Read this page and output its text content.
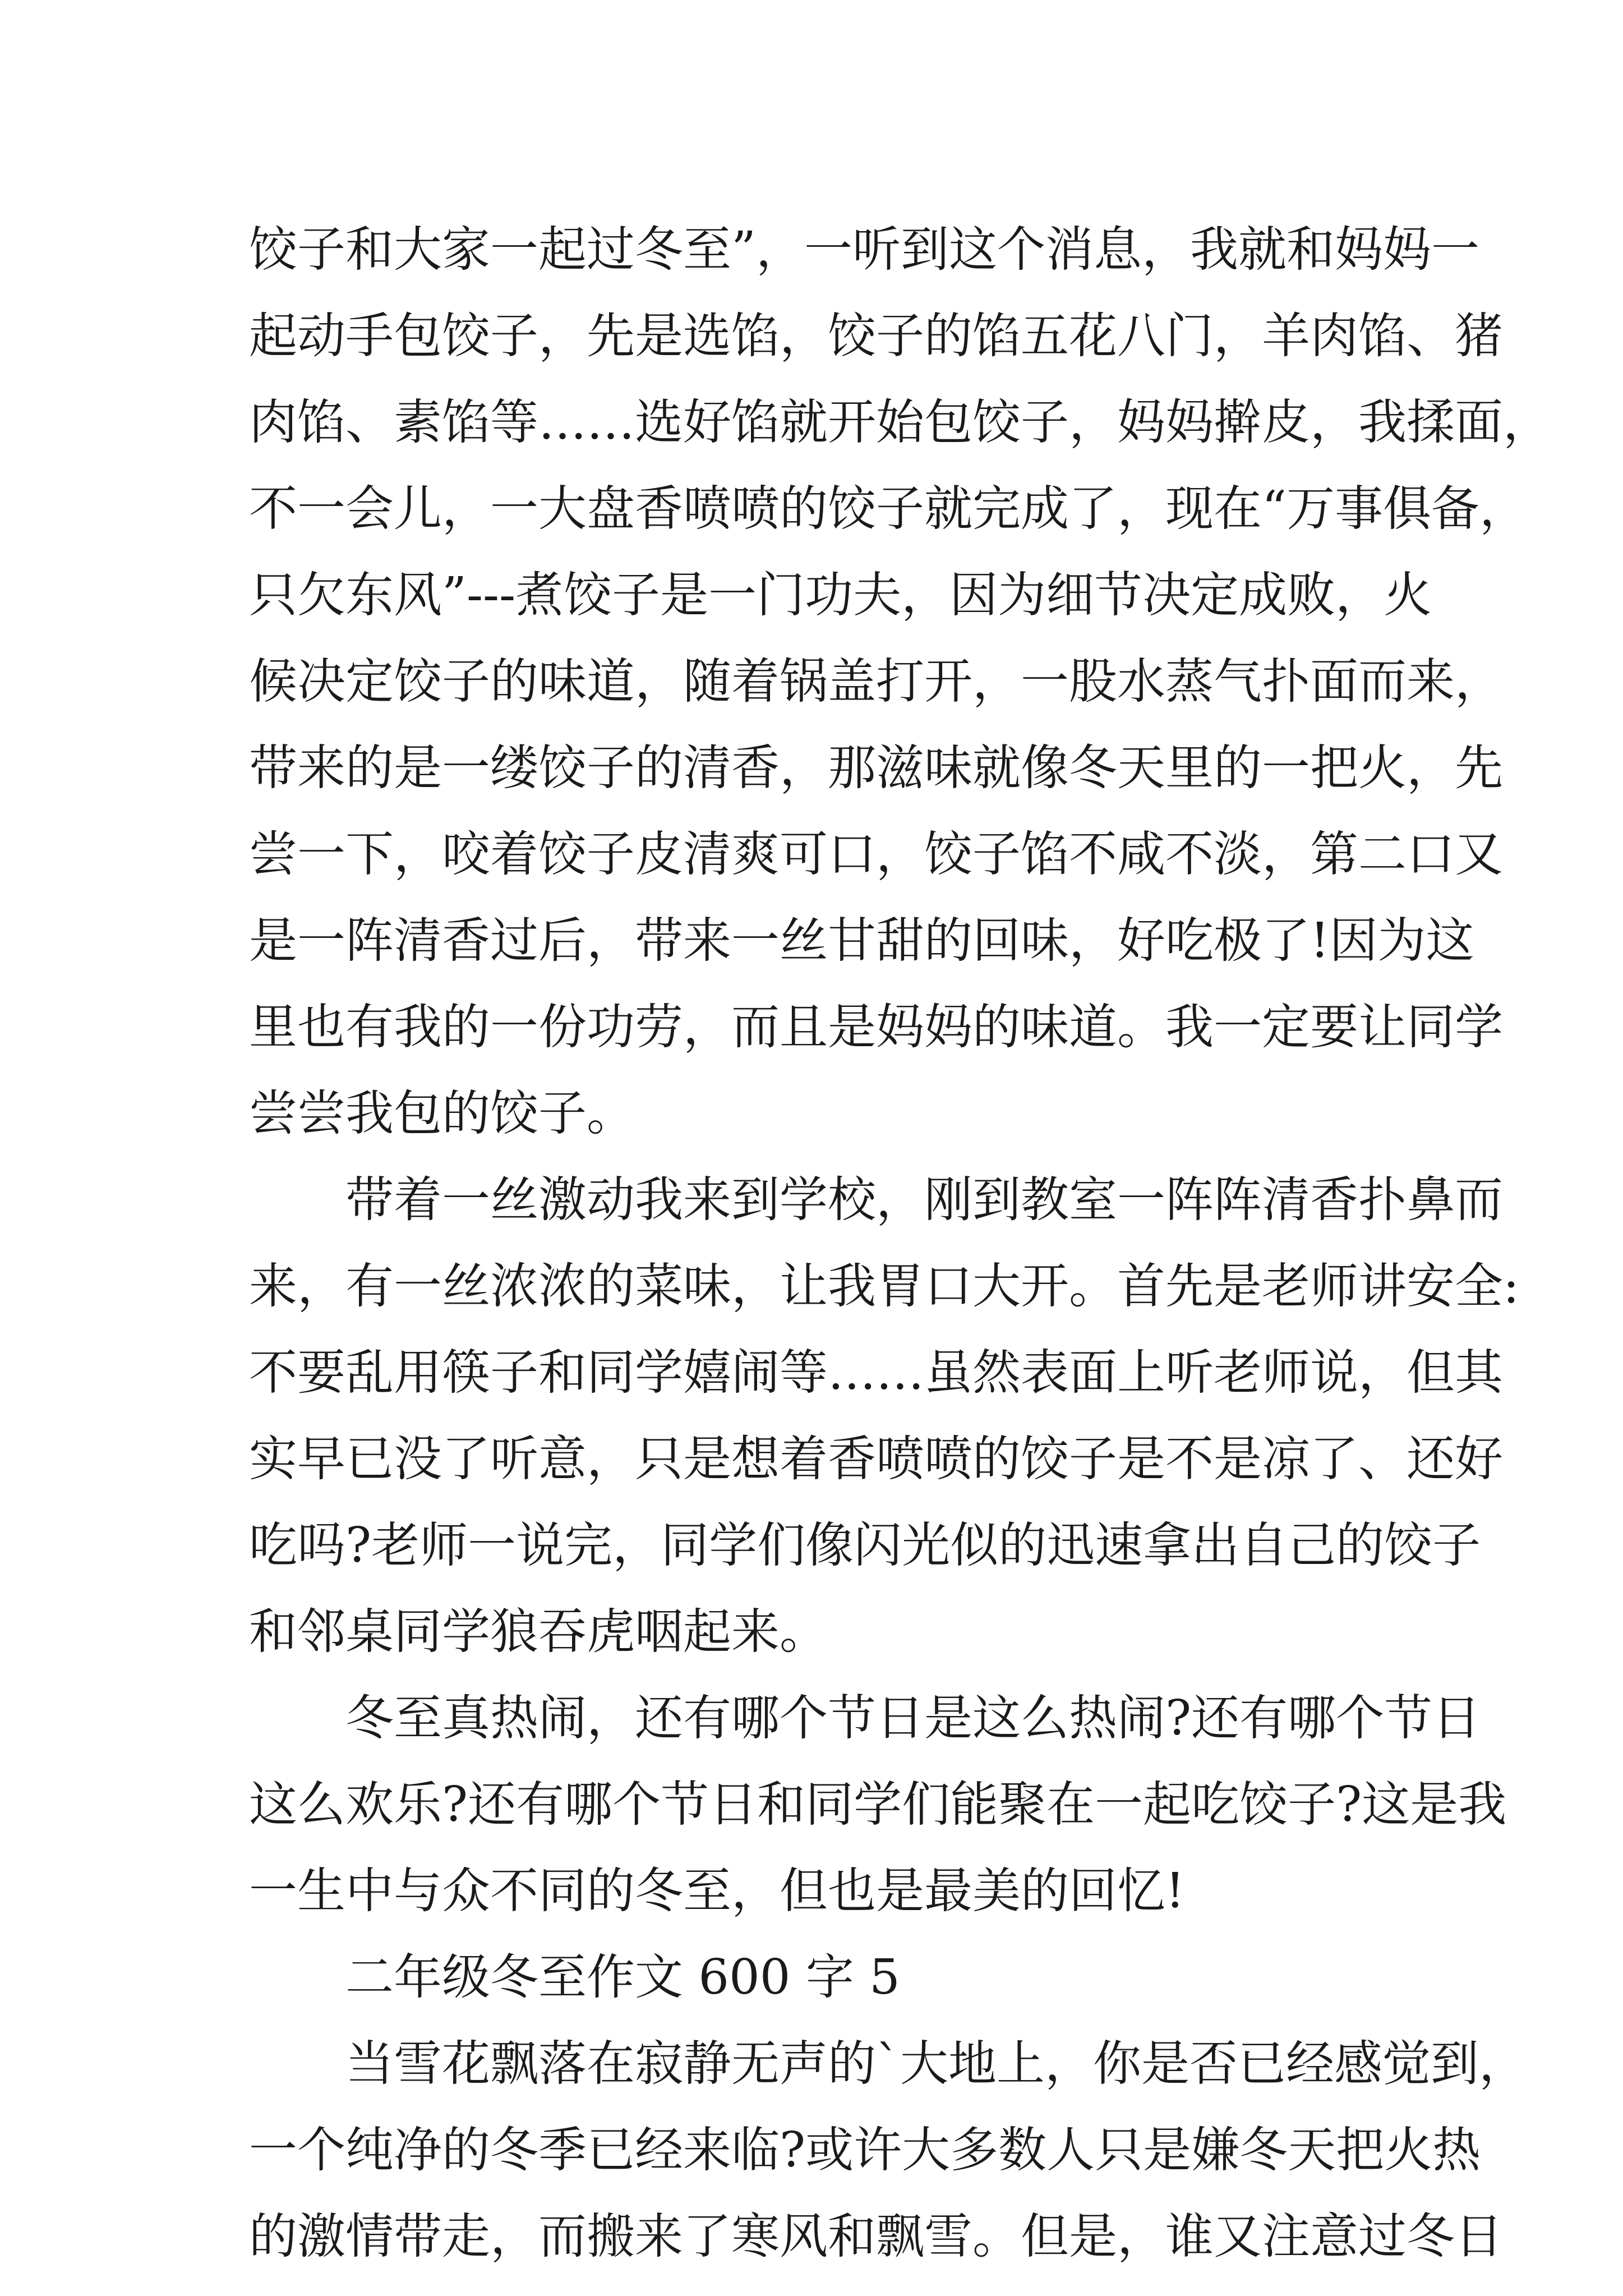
饺子和大家一起过冬至”，一听到这个消息，我就和妈妈一
起动手包饺子，先是选馅，饺子的馅五花八门，羊肉馅、猪
肉馅、素馅等……选好馅就开始包饺子，妈妈擀皮，我揉面，
不一会儿，一大盘香喷喷的饺子就完成了，现在“万事俱备，
只欠东风”---煮饺子是一门功夫，因为细节决定成败，火
候决定饺子的味道，随着锅盖打开，一股水蒸气扑面而来，
带来的是一缕饺子的清香，那滋味就像冬天里的一把火，先
尝一下，咬着饺子皮清爽可口，饺子馅不咸不淡，第二口又
是一阵清香过后，带来一丝甘甜的回味，好吃极了!因为这
里也有我的一份功劳，而且是妈妈的味道。我一定要让同学
尝尝我包的饺子。
带着一丝激动我来到学校，刚到教室一阵阵清香扑鼻而
来，有一丝浓浓的菜味，让我胃口大开。首先是老师讲安全:
不要乱用筷子和同学嬉闹等……虽然表面上听老师说，但其
实早已没了听意，只是想着香喷喷的饺子是不是凉了、还好
吃吗?老师一说完，同学们像闪光似的迅速拿出自己的饺子
和邻桌同学狼吞虎咽起来。
冬至真热闹，还有哪个节日是这么热闹?还有哪个节日
这么欢乐?还有哪个节日和同学们能聚在一起吃饺子?这是我
一生中与众不同的冬至，但也是最美的回忆!
二年级冬至作文 600 字 5
当雪花飘落在寂静无声的`大地上，你是否已经感觉到，
一个纯净的冬季已经来临?或许大多数人只是嫌冬天把火热
的激情带走，而搬来了寒风和飘雪。但是，谁又注意过冬日
